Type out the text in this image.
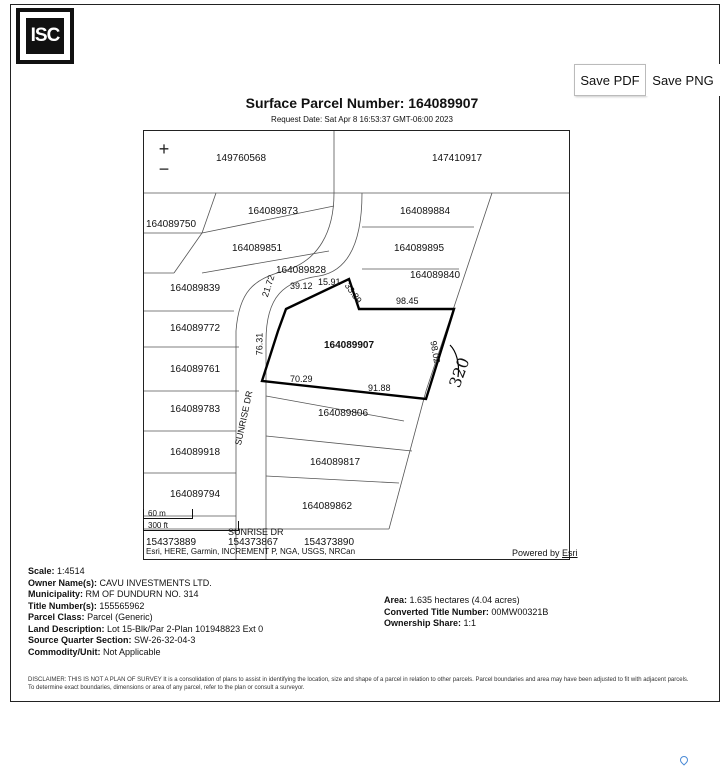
ISC
Save PDF Save PNG
Surface Parcel Number: 164089907
Request Date: Sat Apr 8 16:53:37 GMT-06:00 2023
+
−
149760568	147410917
164089750
164089873	164089884
164089851	164089895
164089828	164089840
164089839
164089772
164089907
164089761
164089783	164089806
164089918
164089817
164089794
164089862
154373889	154373867	154373890
21.72 39.12 15.91 33.89	98.45
76.31	98.02
70.29
91.88
SUNRISE DR
SUNRISE DR
320
60 m
300 ft
Esri, HERE, Garmin, INCREMENT P, NGA, USGS, NRCan	Powered by Esri
Scale: 1:4514
Owner Name(s): CAVU INVESTMENTS LTD.
Municipality: RM OF DUNDURN NO. 314
Title Number(s): 155565962
Parcel Class: Parcel (Generic)
Land Description: Lot 15-Blk/Par 2-Plan 101948823 Ext 0
Source Quarter Section: SW-26-32-04-3
Commodity/Unit: Not Applicable
Area: 1.635 hectares (4.04 acres)
Converted Title Number: 00MW00321B
Ownership Share: 1:1
DISCLAIMER: THIS IS NOT A PLAN OF SURVEY It is a consolidation of plans to assist in identifying the location, size and shape of a parcel in relation to other parcels. Parcel boundaries and area may have been adjusted to fit with adjacent parcels.
To determine exact boundaries, dimensions or area of any parcel, refer to the plan or consult a surveyor.
